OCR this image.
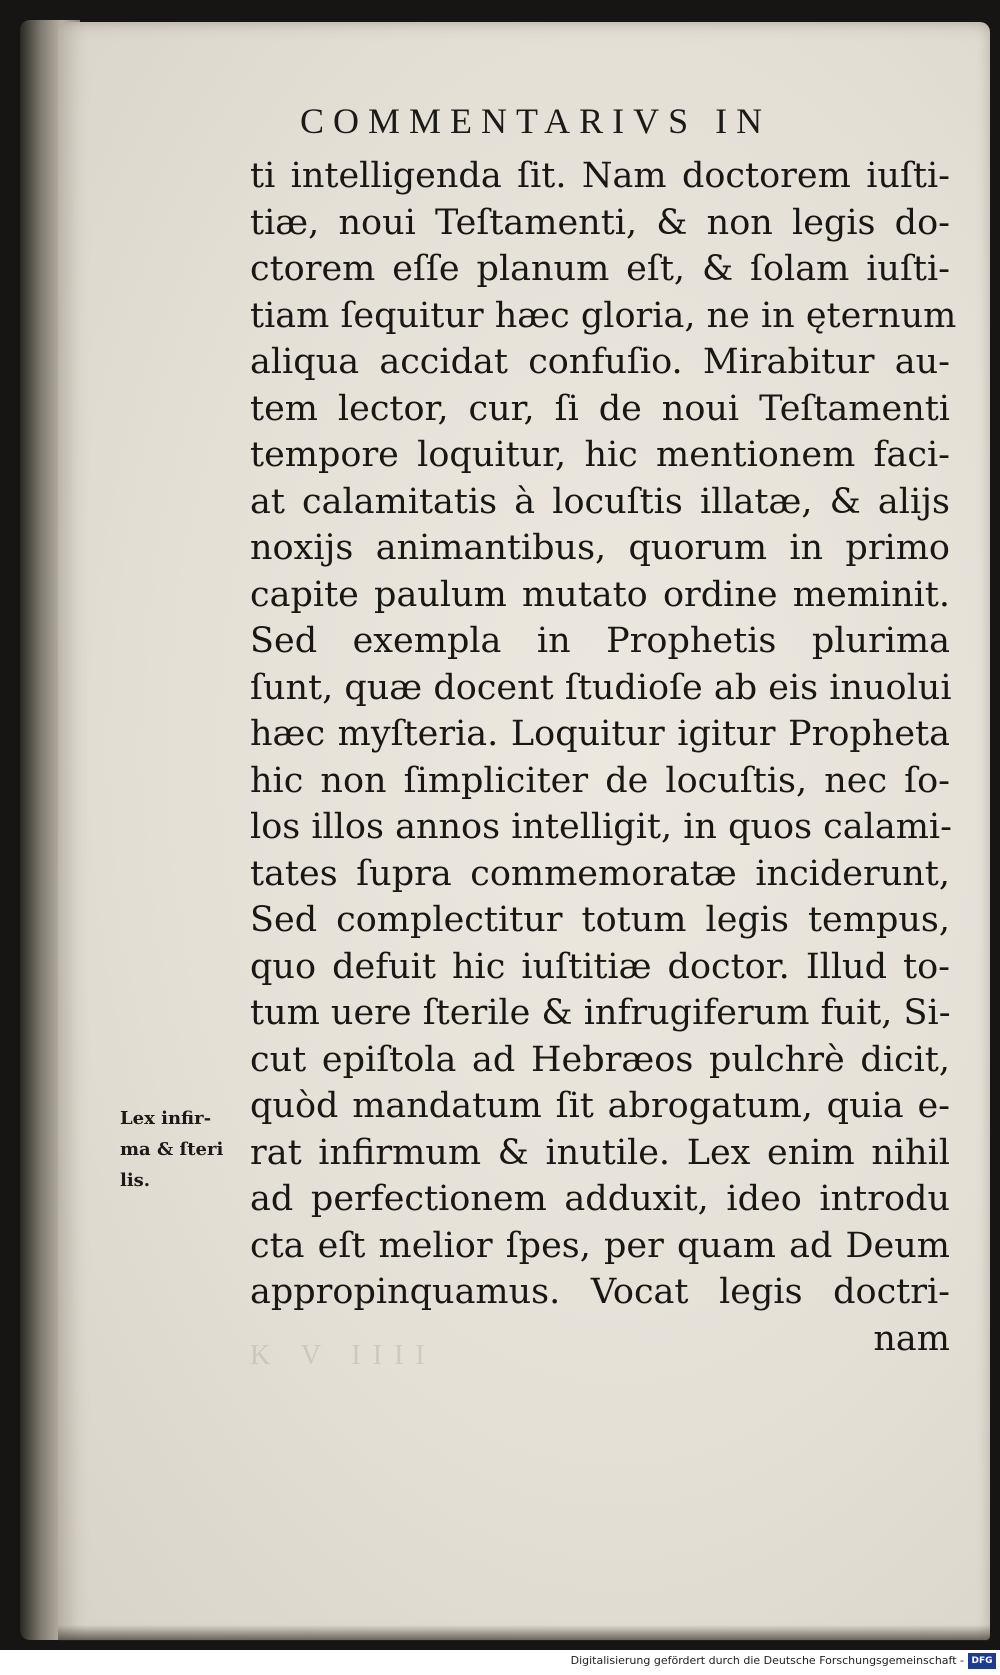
COMMENTARIVS IN
ti intelligenda ſit. Nam doctorem iuſti-
tiæ, noui Teſtamenti, & non legis do-
ctorem eſſe planum eſt, & ſolam iuſti-
tiam ſequitur hæc gloria, ne in ęternum
aliqua accidat confuſio. Mirabitur au-
tem lector, cur, ſi de noui Teſtamenti
tempore loquitur, hic mentionem faci-
at calamitatis à locuſtis illatæ, & alijs
noxijs animantibus, quorum in primo
capite paulum mutato ordine meminit.
Sed exempla in Prophetis plurima
ſunt, quæ docent ſtudioſe ab eis inuolui
hæc myſteria. Loquitur igitur Propheta
hic non ſimpliciter de locuſtis, nec ſo-
los illos annos intelligit, in quos calami-
tates ſupra commemoratæ inciderunt,
Sed complectitur totum legis tempus,
quo defuit hic iuſtitiæ doctor. Illud to-
tum uere ſterile & infrugiferum fuit, Si-
cut epiſtola ad Hebræos pulchrè dicit,
quòd mandatum ſit abrogatum, quia e-
rat infirmum & inutile. Lex enim nihil
ad perfectionem adduxit, ideo introdu
cta eſt melior ſpes, per quam ad Deum
appropinquamus. Vocat legis doctri-
nam
Lex infir-
ma & ſteri
lis.
K V IIII
Digitalisierung gefördert durch die Deutsche Forschungsgemeinschaft - DFG
